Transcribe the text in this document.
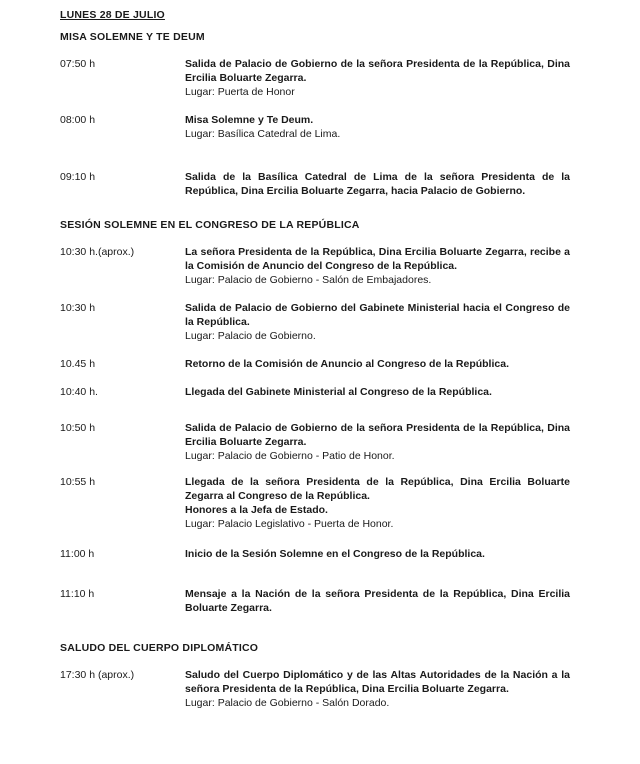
LUNES 28 DE JULIO
MISA SOLEMNE Y TE DEUM
07:50 h	Salida de Palacio de Gobierno de la señora Presidenta de la República, Dina Ercilia Boluarte Zegarra.

Lugar: Puerta de Honor

08:00 h	Misa Solemne y Te Deum.

Lugar: Basílica Catedral de Lima.

09:10 h	Salida de la Basílica Catedral de Lima de la señora Presidenta de la República, Dina Ercilia Boluarte Zegarra, hacia Palacio de Gobierno.

SESIÓN SOLEMNE EN EL CONGRESO DE LA REPÚBLICA
10:30 h.(aprox.)	La señora Presidenta de la República, Dina Ercilia Boluarte Zegarra, recibe a la Comisión de Anuncio del Congreso de la República.

Lugar: Palacio de Gobierno - Salón de Embajadores.

10:30 h	Salida de Palacio de Gobierno del Gabinete Ministerial hacia el Congreso de la República.

Lugar: Palacio de Gobierno.

10.45 h	Retorno de la Comisión de Anuncio al Congreso de la República.

10:40 h.	Llegada del Gabinete Ministerial al Congreso de la República.

10:50 h	Salida de Palacio de Gobierno de la señora Presidenta de la República, Dina Ercilia Boluarte Zegarra.

Lugar: Palacio de Gobierno - Patio de Honor.

10:55 h	Llegada de la señora Presidenta de la República, Dina Ercilia Boluarte Zegarra al Congreso de la República.

Honores a la Jefa de Estado.

Lugar: Palacio Legislativo - Puerta de Honor.

11:00 h	Inicio de la Sesión Solemne en el Congreso de la República.

11:10 h	Mensaje a la Nación de la señora Presidenta de la República, Dina Ercilia Boluarte Zegarra.

SALUDO DEL CUERPO DIPLOMÁTICO
17:30 h (aprox.)	Saludo del Cuerpo Diplomático y de las Altas Autoridades de la Nación a la señora Presidenta de la República, Dina Ercilia Boluarte Zegarra.

Lugar: Palacio de Gobierno - Salón Dorado.
